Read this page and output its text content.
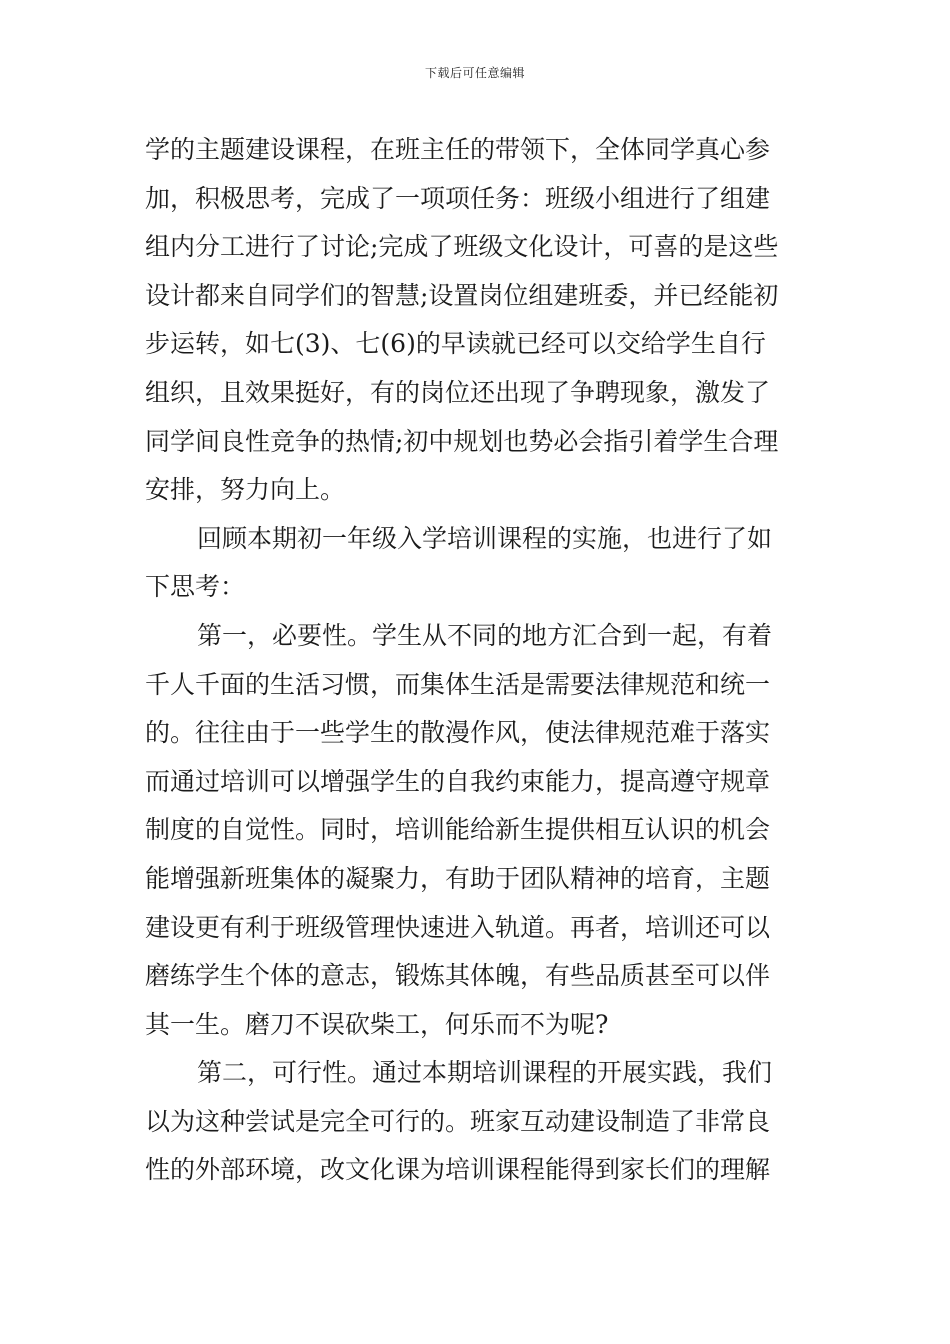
下载后可任意编辑
学的主题建设课程，在班主任的带领下，全体同学真心参
加，积极思考，完成了一项项任务：班级小组进行了组建
组内分工进行了讨论;完成了班级文化设计，可喜的是这些
设计都来自同学们的智慧;设置岗位组建班委，并已经能初
步运转，如七(3)、七(6)的早读就已经可以交给学生自行
组织，且效果挺好，有的岗位还出现了争聘现象，激发了
同学间良性竞争的热情;初中规划也势必会指引着学生合理
安排，努力向上。
回顾本期初一年级入学培训课程的实施，也进行了如
下思考：
第一，必要性。学生从不同的地方汇合到一起，有着
千人千面的生活习惯，而集体生活是需要法律规范和统一
的。往往由于一些学生的散漫作风，使法律规范难于落实
而通过培训可以增强学生的自我约束能力，提高遵守规章
制度的自觉性。同时，培训能给新生提供相互认识的机会
能增强新班集体的凝聚力，有助于团队精神的培育，主题
建设更有利于班级管理快速进入轨道。再者，培训还可以
磨练学生个体的意志，锻炼其体魄，有些品质甚至可以伴
其一生。磨刀不误砍柴工，何乐而不为呢?
第二，可行性。通过本期培训课程的开展实践，我们
以为这种尝试是完全可行的。班家互动建设制造了非常良
性的外部环境，改文化课为培训课程能得到家长们的理解
